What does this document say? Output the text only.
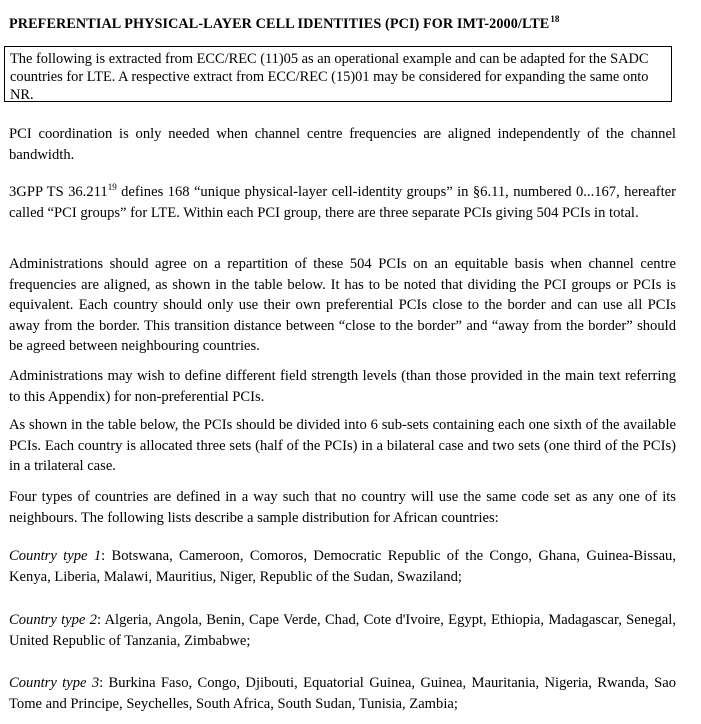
PREFERENTIAL PHYSICAL-LAYER CELL IDENTITIES (PCI) FOR IMT-2000/LTE$^{18}$
The following is extracted from ECC/REC (11)05 as an operational example and can be adapted for the SADC countries for LTE. A respective extract from ECC/REC (15)01 may be considered for expanding the same onto NR.

PCI coordination is only needed when channel centre frequencies are aligned independently of the channel bandwidth.

3GPP TS 36.211$^{19}$ defines 168 “unique physical-layer cell-identity groups” in §6.11, numbered 0...167, hereafter called “PCI groups” for LTE. Within each PCI group, there are three separate PCIs giving 504 PCIs in total.

Administrations should agree on a repartition of these 504 PCIs on an equitable basis when channel centre frequencies are aligned, as shown in the table below. It has to be noted that dividing the PCI groups or PCIs is equivalent. Each country should only use their own preferential PCIs close to the border and can use all PCIs away from the border. This transition distance between “close to the border” and “away from the border” should be agreed between neighbouring countries.

Administrations may wish to define different field strength levels (than those provided in the main text referring to this Appendix) for non-preferential PCIs.

As shown in the table below, the PCIs should be divided into 6 sub-sets containing each one sixth of the available PCIs. Each country is allocated three sets (half of the PCIs) in a bilateral case and two sets (one third of the PCIs) in a trilateral case.

Four types of countries are defined in a way such that no country will use the same code set as any one of its neighbours. The following lists describe a sample distribution for African countries:

Country type 1: Botswana, Cameroon, Comoros, Democratic Republic of the Congo, Ghana, Guinea-Bissau, Kenya, Liberia, Malawi, Mauritius, Niger, Republic of the Sudan, Swaziland;

Country type 2: Algeria, Angola, Benin, Cape Verde, Chad, Cote d'Ivoire, Egypt, Ethiopia, Madagascar, Senegal, United Republic of Tanzania, Zimbabwe;

Country type 3: Burkina Faso, Congo, Djibouti, Equatorial Guinea, Guinea, Mauritania, Nigeria, Rwanda, Sao Tome and Principe, Seychelles, South Africa, South Sudan, Tunisia, Zambia;
